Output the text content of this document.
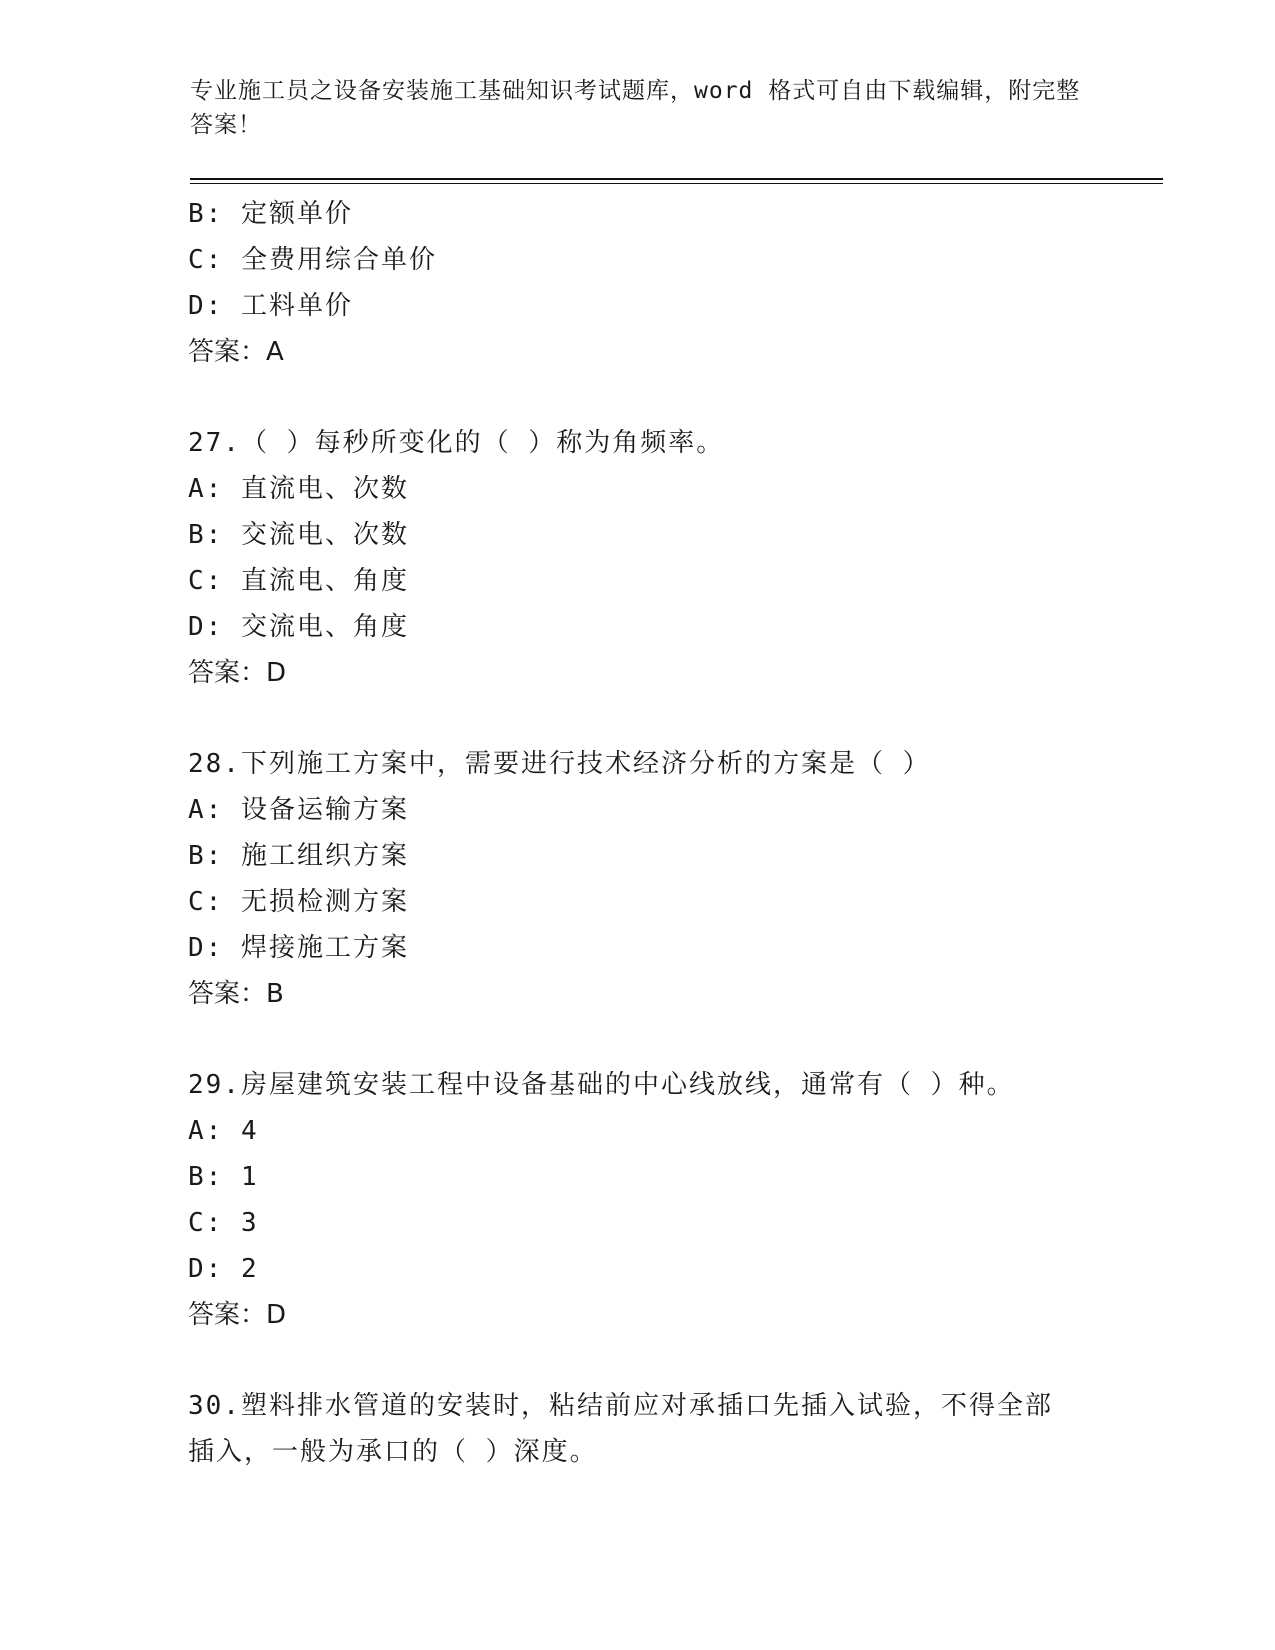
专业施工员之设备安装施工基础知识考试题库，word 格式可自由下载编辑，附完整答案！
B: 定额单价
C: 全费用综合单价
D: 工料单价
答案：A
27.（ ）每秒所变化的（ ）称为角频率。
A: 直流电、次数
B: 交流电、次数
C: 直流电、角度
D: 交流电、角度
答案：D
28.下列施工方案中，需要进行技术经济分析的方案是（ ）
A: 设备运输方案
B: 施工组织方案
C: 无损检测方案
D: 焊接施工方案
答案：B
29.房屋建筑安装工程中设备基础的中心线放线，通常有（ ）种。
A: 4
B: 1
C: 3
D: 2
答案：D
30.塑料排水管道的安装时，粘结前应对承插口先插入试验，不得全部
插入，一般为承口的（ ）深度。
